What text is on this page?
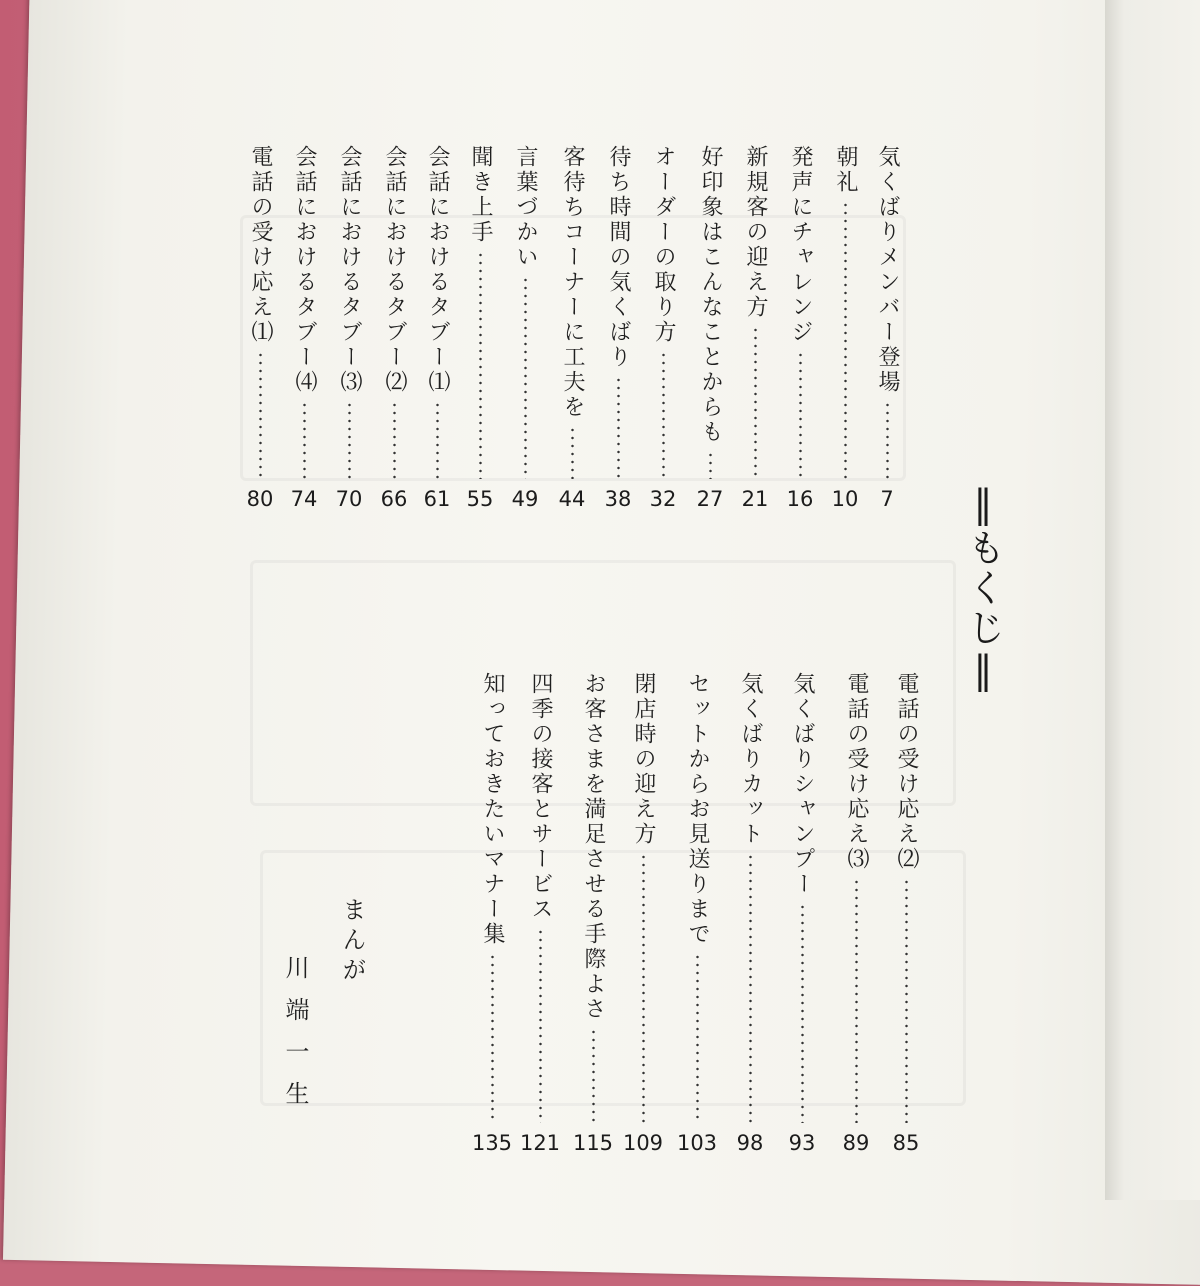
気くばりメンバー登場
7
朝礼
10
発声にチャレンジ
16
新規客の迎え方
21
好印象はこんなことからも
27
オーダーの取り方
32
待ち時間の気くばり
38
客待ちコーナーに工夫を
44
言葉づかい
49
聞き上手
55
会話におけるタブー⑴
61
会話におけるタブー⑵
66
会話におけるタブー⑶
70
会話におけるタブー⑷
74
電話の受け応え⑴
80
電話の受け応え⑵
85
電話の受け応え⑶
89
気くばりシャンプー
93
気くばりカット
98
セットからお見送りまで
103
閉店時の迎え方
109
お客さまを満足させる手際よさ
115
四季の接客とサービス
121
知っておきたいマナー集
135
‖もくじ‖
まんが
川端一生
